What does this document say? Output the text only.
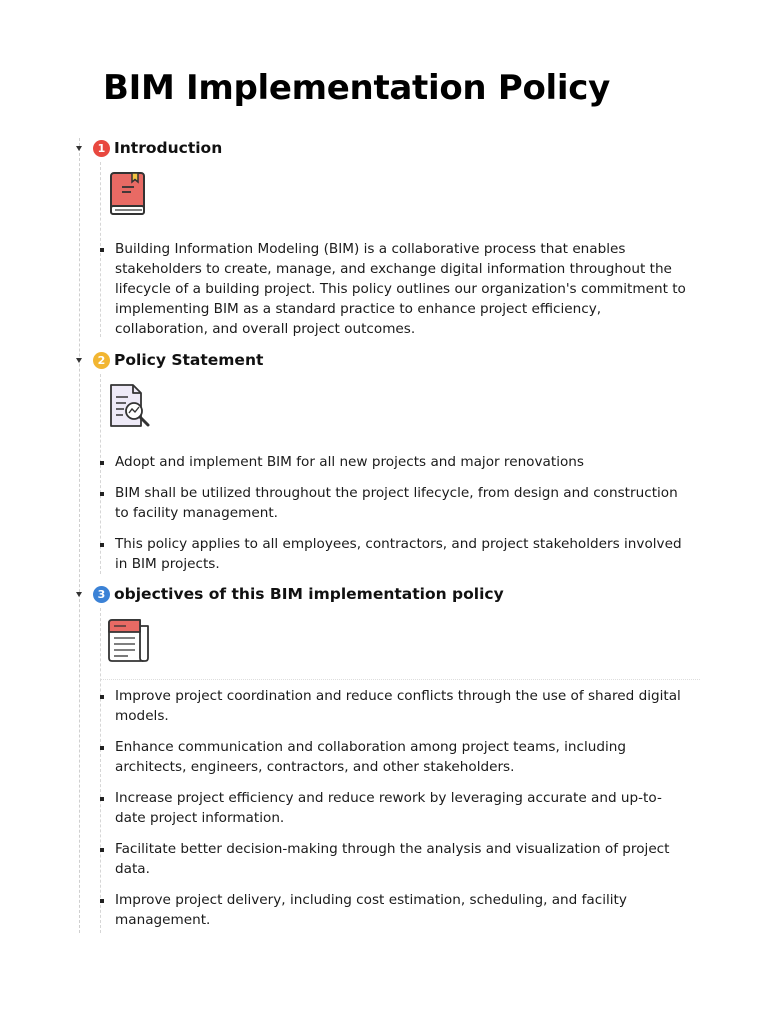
BIM Implementation Policy
1 Introduction
Building Information Modeling (BIM) is a collaborative process that enables stakeholders to create, manage, and exchange digital information throughout the lifecycle of a building project. This policy outlines our organization's commitment to implementing BIM as a standard practice to enhance project efficiency, collaboration, and overall project outcomes.
2 Policy Statement
Adopt and implement BIM for all new projects and major renovations
BIM shall be utilized throughout the project lifecycle, from design and construction to facility management.
This policy applies to all employees, contractors, and project stakeholders involved in BIM projects.
3 objectives of this BIM implementation policy
Improve project coordination and reduce conflicts through the use of shared digital models.
Enhance communication and collaboration among project teams, including architects, engineers, contractors, and other stakeholders.
Increase project efficiency and reduce rework by leveraging accurate and up-to-date project information.
Facilitate better decision-making through the analysis and visualization of project data.
Improve project delivery, including cost estimation, scheduling, and facility management.
